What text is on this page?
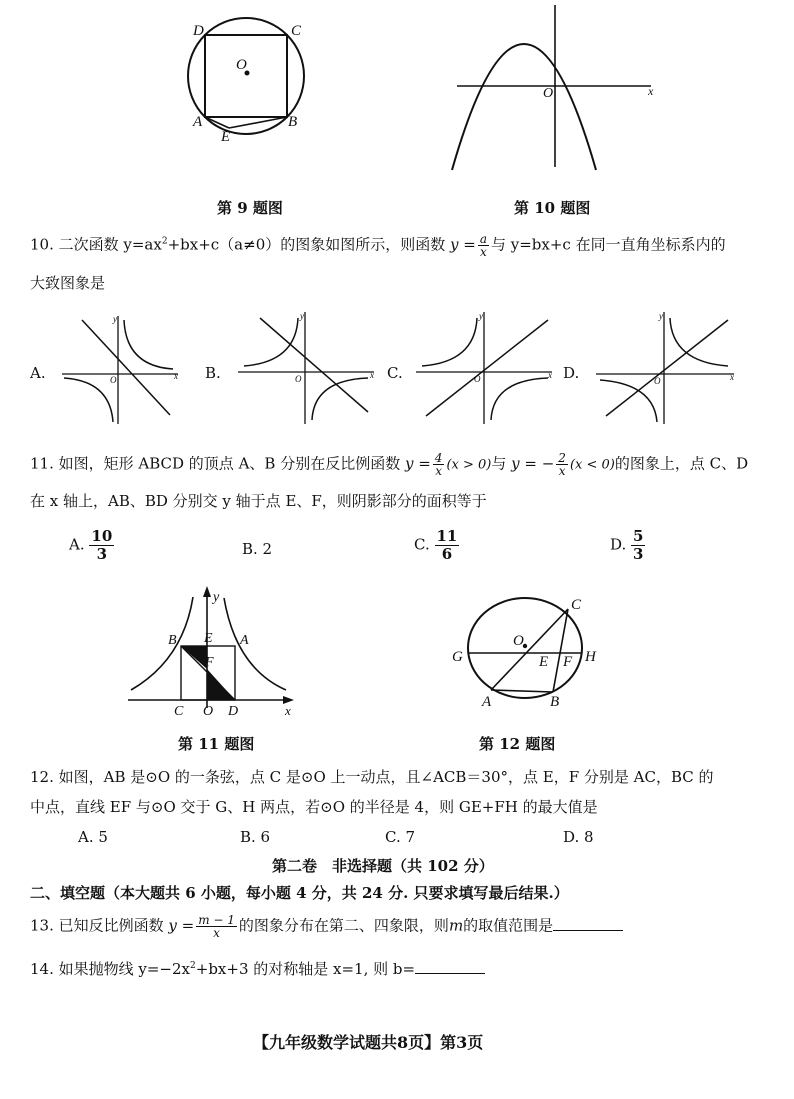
D	C
O
A
E
B
O	x
第 9 题图	第 10 题图
10. 二次函数 $y=ax^2+bx+c(a\ne 0)$的图象如图所示，则函数 $y = \frac{a}{x}$ 与 y=bx+c 在同一直角坐标系内的
大致图象是
A.	B.	C.	D.
y
O	x
y
O	x
y
O	x
y
O	x
11. 如图，矩形 ABCD 的顶点 A、B 分别在反比例函数 $y = \frac{4}{x} (x > 0)$与 y = − $\frac{2}{x} (x < 0)$的图象上，点 C、D
在 x 轴上，AB、BD 分别交 y 轴于点 E、F，则阴影部分的面积等于
A. $\frac{10}{3}$	B. 2	C. $\frac{11}{6}$	D. $\frac{5}{3}$
y
B E A
F
C O D	x
C
O
G	E F H
A	B
第 11 题图	第 12 题图
12. 如图，AB 是⊙O 的一条弦，点 C 是⊙O 上一动点，且∠ACB＝30°，点 E，F 分别是 AC，BC 的
中点，直线 EF 与⊙O 交于 G、H 两点，若⊙O 的半径是 4，则 GE+FH 的最大值是
A. 5	B. 6	C. 7	D. 8
第二卷　非选择题（共 102 分）
二、填空题（本大题共 6 小题，每小题 4 分，共 24 分. 只要求填写最后结果.）
13. 已知反比例函数 $y = \frac{m - 1}{x}$ 的图象分布在第二、四象限，则m的取值范围是
14. 如果抛物线 $y=-2x^2+bx+3$ 的对称轴是 x=1, 则 b=
【九年级数学试题共8页】第3页
